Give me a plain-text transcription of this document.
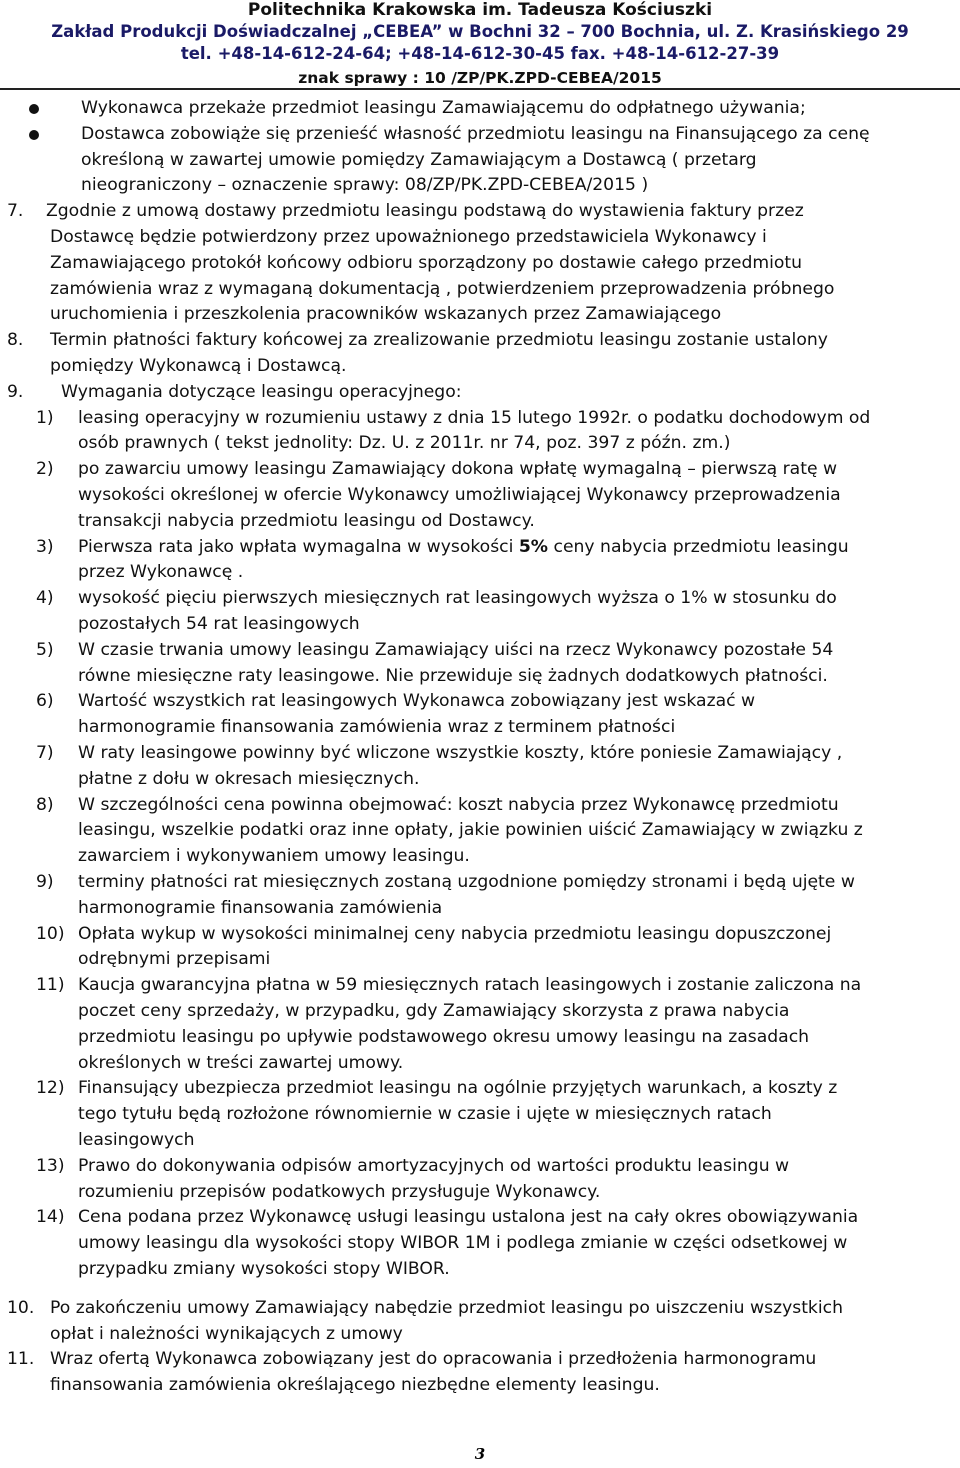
Politechnika Krakowska im. Tadeusza Kościuszki
Zakład Produkcji Doświadczalnej „CEBEA” w Bochni 32 – 700 Bochnia, ul. Z. Krasińskiego 29
tel. +48-14-612-24-64; +48-14-612-30-45 fax. +48-14-612-27-39
znak sprawy : 10 /ZP/PK.ZPD-CEBEA/2015
Wykonawca przekaże przedmiot leasingu Zamawiającemu do odpłatnego używania;
Dostawca zobowiąże się przenieść własność przedmiotu leasingu na Finansującego za cenę
określoną w zawartej umowie pomiędzy Zamawiającym a Dostawcą ( przetarg
nieograniczony – oznaczenie sprawy: 08/ZP/PK.ZPD-CEBEA/2015 )
7. Zgodnie z umową dostawy przedmiotu leasingu podstawą do wystawienia faktury przez
Dostawcę będzie potwierdzony przez upoważnionego przedstawiciela Wykonawcy i
Zamawiającego protokół końcowy odbioru sporządzony po dostawie całego przedmiotu
zamówienia wraz z wymaganą dokumentacją , potwierdzeniem przeprowadzenia próbnego
uruchomienia i przeszkolenia pracowników wskazanych przez Zamawiającego
8. Termin płatności faktury końcowej za zrealizowanie przedmiotu leasingu zostanie ustalony
pomiędzy Wykonawcą i Dostawcą.
9. Wymagania dotyczące leasingu operacyjnego:
1) leasing operacyjny w rozumieniu ustawy z dnia 15 lutego 1992r. o podatku dochodowym od
osób prawnych ( tekst jednolity: Dz. U. z 2011r. nr 74, poz. 397 z późn. zm.)
2) po zawarciu umowy leasingu Zamawiający dokona wpłatę wymagalną – pierwszą ratę w
wysokości określonej w ofercie Wykonawcy umożliwiającej Wykonawcy przeprowadzenia
transakcji nabycia przedmiotu leasingu od Dostawcy.
3) Pierwsza rata jako wpłata wymagalna w wysokości 5% ceny nabycia przedmiotu leasingu
przez Wykonawcę .
4) wysokość pięciu pierwszych miesięcznych rat leasingowych wyższa o 1% w stosunku do
pozostałych 54 rat leasingowych
5) W czasie trwania umowy leasingu Zamawiający uiści na rzecz Wykonawcy pozostałe 54
równe miesięczne raty leasingowe. Nie przewiduje się żadnych dodatkowych płatności.
6) Wartość wszystkich rat leasingowych Wykonawca zobowiązany jest wskazać w
harmonogramie finansowania zamówienia wraz z terminem płatności
7) W raty leasingowe powinny być wliczone wszystkie koszty, które poniesie Zamawiający ,
płatne z dołu w okresach miesięcznych.
8) W szczególności cena powinna obejmować: koszt nabycia przez Wykonawcę przedmiotu
leasingu, wszelkie podatki oraz inne opłaty, jakie powinien uiścić Zamawiający w związku z
zawarciem i wykonywaniem umowy leasingu.
9) terminy płatności rat miesięcznych zostaną uzgodnione pomiędzy stronami i będą ujęte w
harmonogramie finansowania zamówienia
10) Opłata wykup w wysokości minimalnej ceny nabycia przedmiotu leasingu dopuszczonej
odrębnymi przepisami
11) Kaucja gwarancyjna płatna w 59 miesięcznych ratach leasingowych i zostanie zaliczona na
poczet ceny sprzedaży, w przypadku, gdy Zamawiający skorzysta z prawa nabycia
przedmiotu leasingu po upływie podstawowego okresu umowy leasingu na zasadach
określonych w treści zawartej umowy.
12) Finansujący ubezpiecza przedmiot leasingu na ogólnie przyjętych warunkach, a koszty z
tego tytułu będą rozłożone równomiernie w czasie i ujęte w miesięcznych ratach
leasingowych
13) Prawo do dokonywania odpisów amortyzacyjnych od wartości produktu leasingu w
rozumieniu przepisów podatkowych przysługuje Wykonawcy.
14) Cena podana przez Wykonawcę usługi leasingu ustalona jest na cały okres obowiązywania
umowy leasingu dla wysokości stopy WIBOR 1M i podlega zmianie w części odsetkowej w
przypadku zmiany wysokości stopy WIBOR.
10. Po zakończeniu umowy Zamawiający nabędzie przedmiot leasingu po uiszczeniu wszystkich
opłat i należności wynikających z umowy
11. Wraz ofertą Wykonawca zobowiązany jest do opracowania i przedłożenia harmonogramu
finansowania zamówienia określającego niezbędne elementy leasingu.
3
